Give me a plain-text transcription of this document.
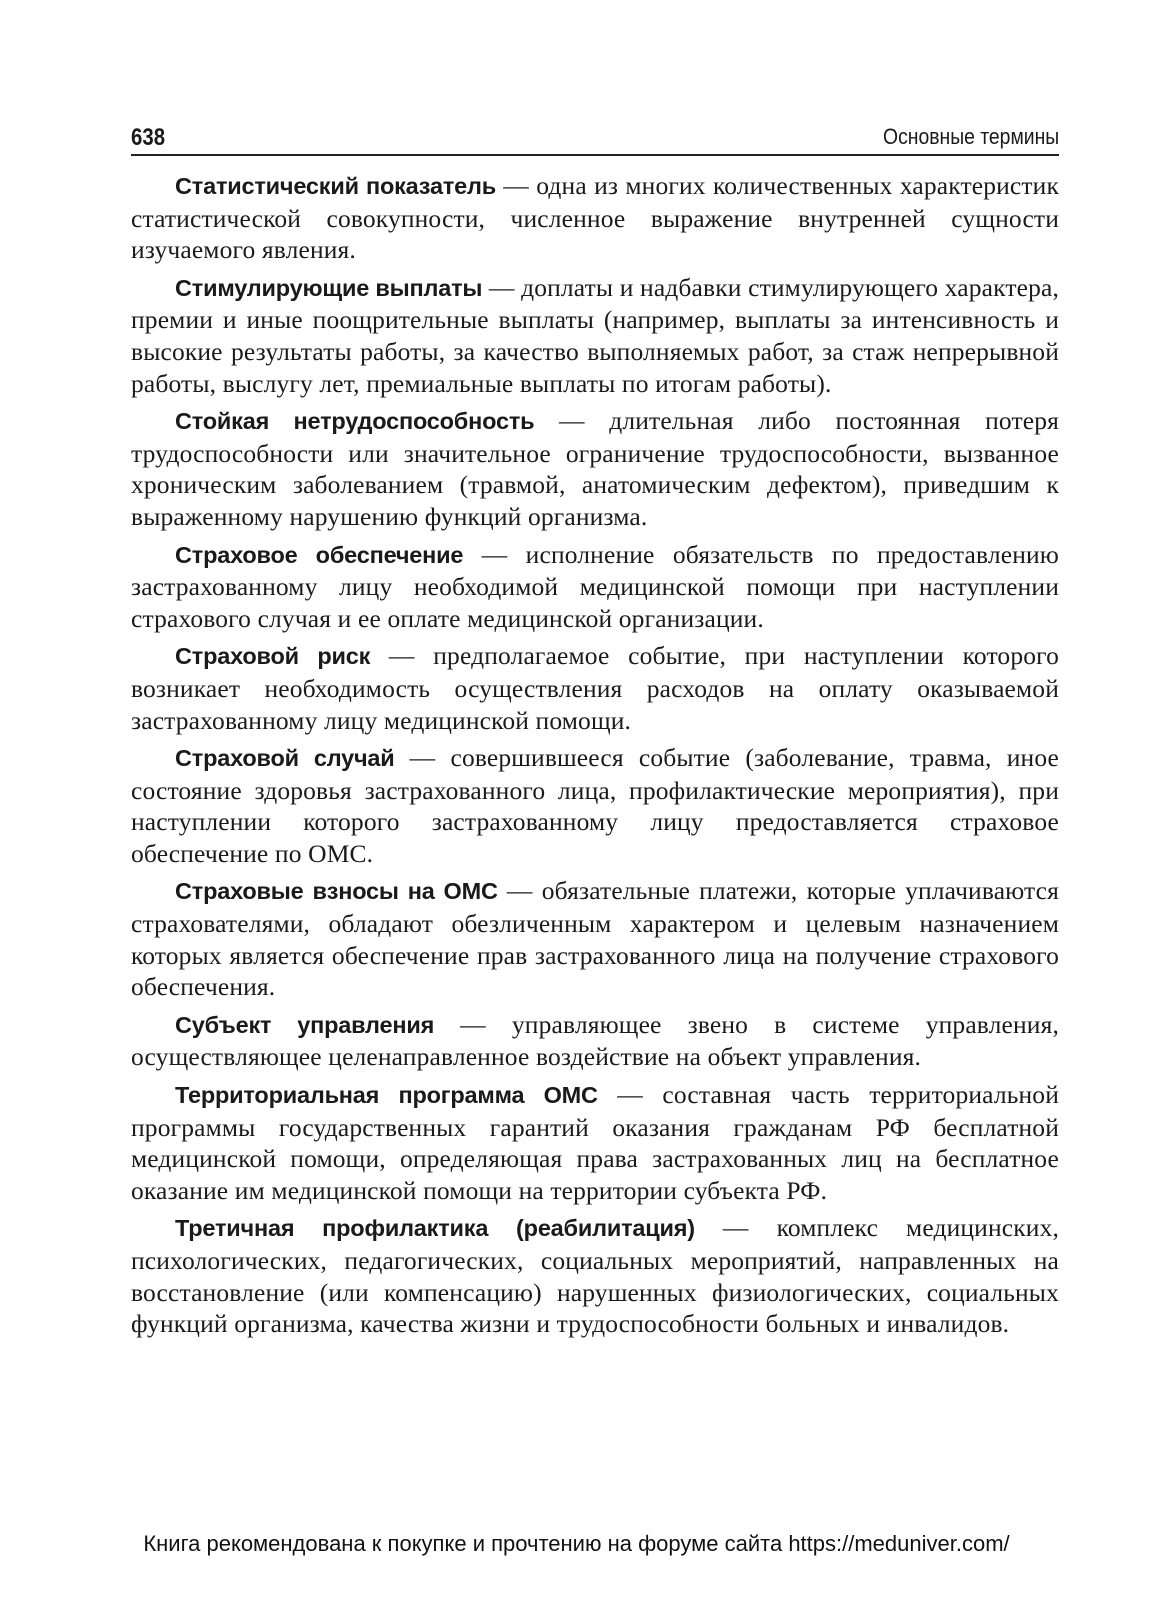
638	Основные термины

Статистический показатель — одна из многих количественных характеристик статистической совокупности, численное выражение внутренней сущности изучаемого явления.

Стимулирующие выплаты — доплаты и надбавки стимулирующего характера, премии и иные поощрительные выплаты (например, выплаты за интенсивность и высокие результаты работы, за качество выполняемых работ, за стаж непрерывной работы, выслугу лет, премиальные выплаты по итогам работы).

Стойкая нетрудоспособность — длительная либо постоянная потеря трудоспособности или значительное ограничение трудоспособности, вызванное хроническим заболеванием (травмой, анатомическим дефектом), приведшим к выраженному нарушению функций организма.

Страховое обеспечение — исполнение обязательств по предоставлению застрахованному лицу необходимой медицинской помощи при наступлении страхового случая и ее оплате медицинской организации.

Страховой риск — предполагаемое событие, при наступлении которого возникает необходимость осуществления расходов на оплату оказываемой застрахованному лицу медицинской помощи.

Страховой случай — совершившееся событие (заболевание, травма, иное состояние здоровья застрахованного лица, профилактические мероприятия), при наступлении которого застрахованному лицу предоставляется страховое обеспечение по ОМС.

Страховые взносы на ОМС — обязательные платежи, которые уплачиваются страхователями, обладают обезличенным характером и целевым назначением которых является обеспечение прав застрахованного лица на получение страхового обеспечения.

Субъект управления — управляющее звено в системе управления, осуществляющее целенаправленное воздействие на объект управления.

Территориальная программа ОМС — составная часть территориальной программы государственных гарантий оказания гражданам РФ бесплатной медицинской помощи, определяющая права застрахованных лиц на бесплатное оказание им медицинской помощи на территории субъекта РФ.

Третичная профилактика (реабилитация) — комплекс медицинских, психологических, педагогических, социальных мероприятий, направленных на восстановление (или компенсацию) нарушенных физиологических, социальных функций организма, качества жизни и трудоспособности больных и инвалидов.

Книга рекомендована к покупке и прочтению на форуме сайта https://meduniver.com/
